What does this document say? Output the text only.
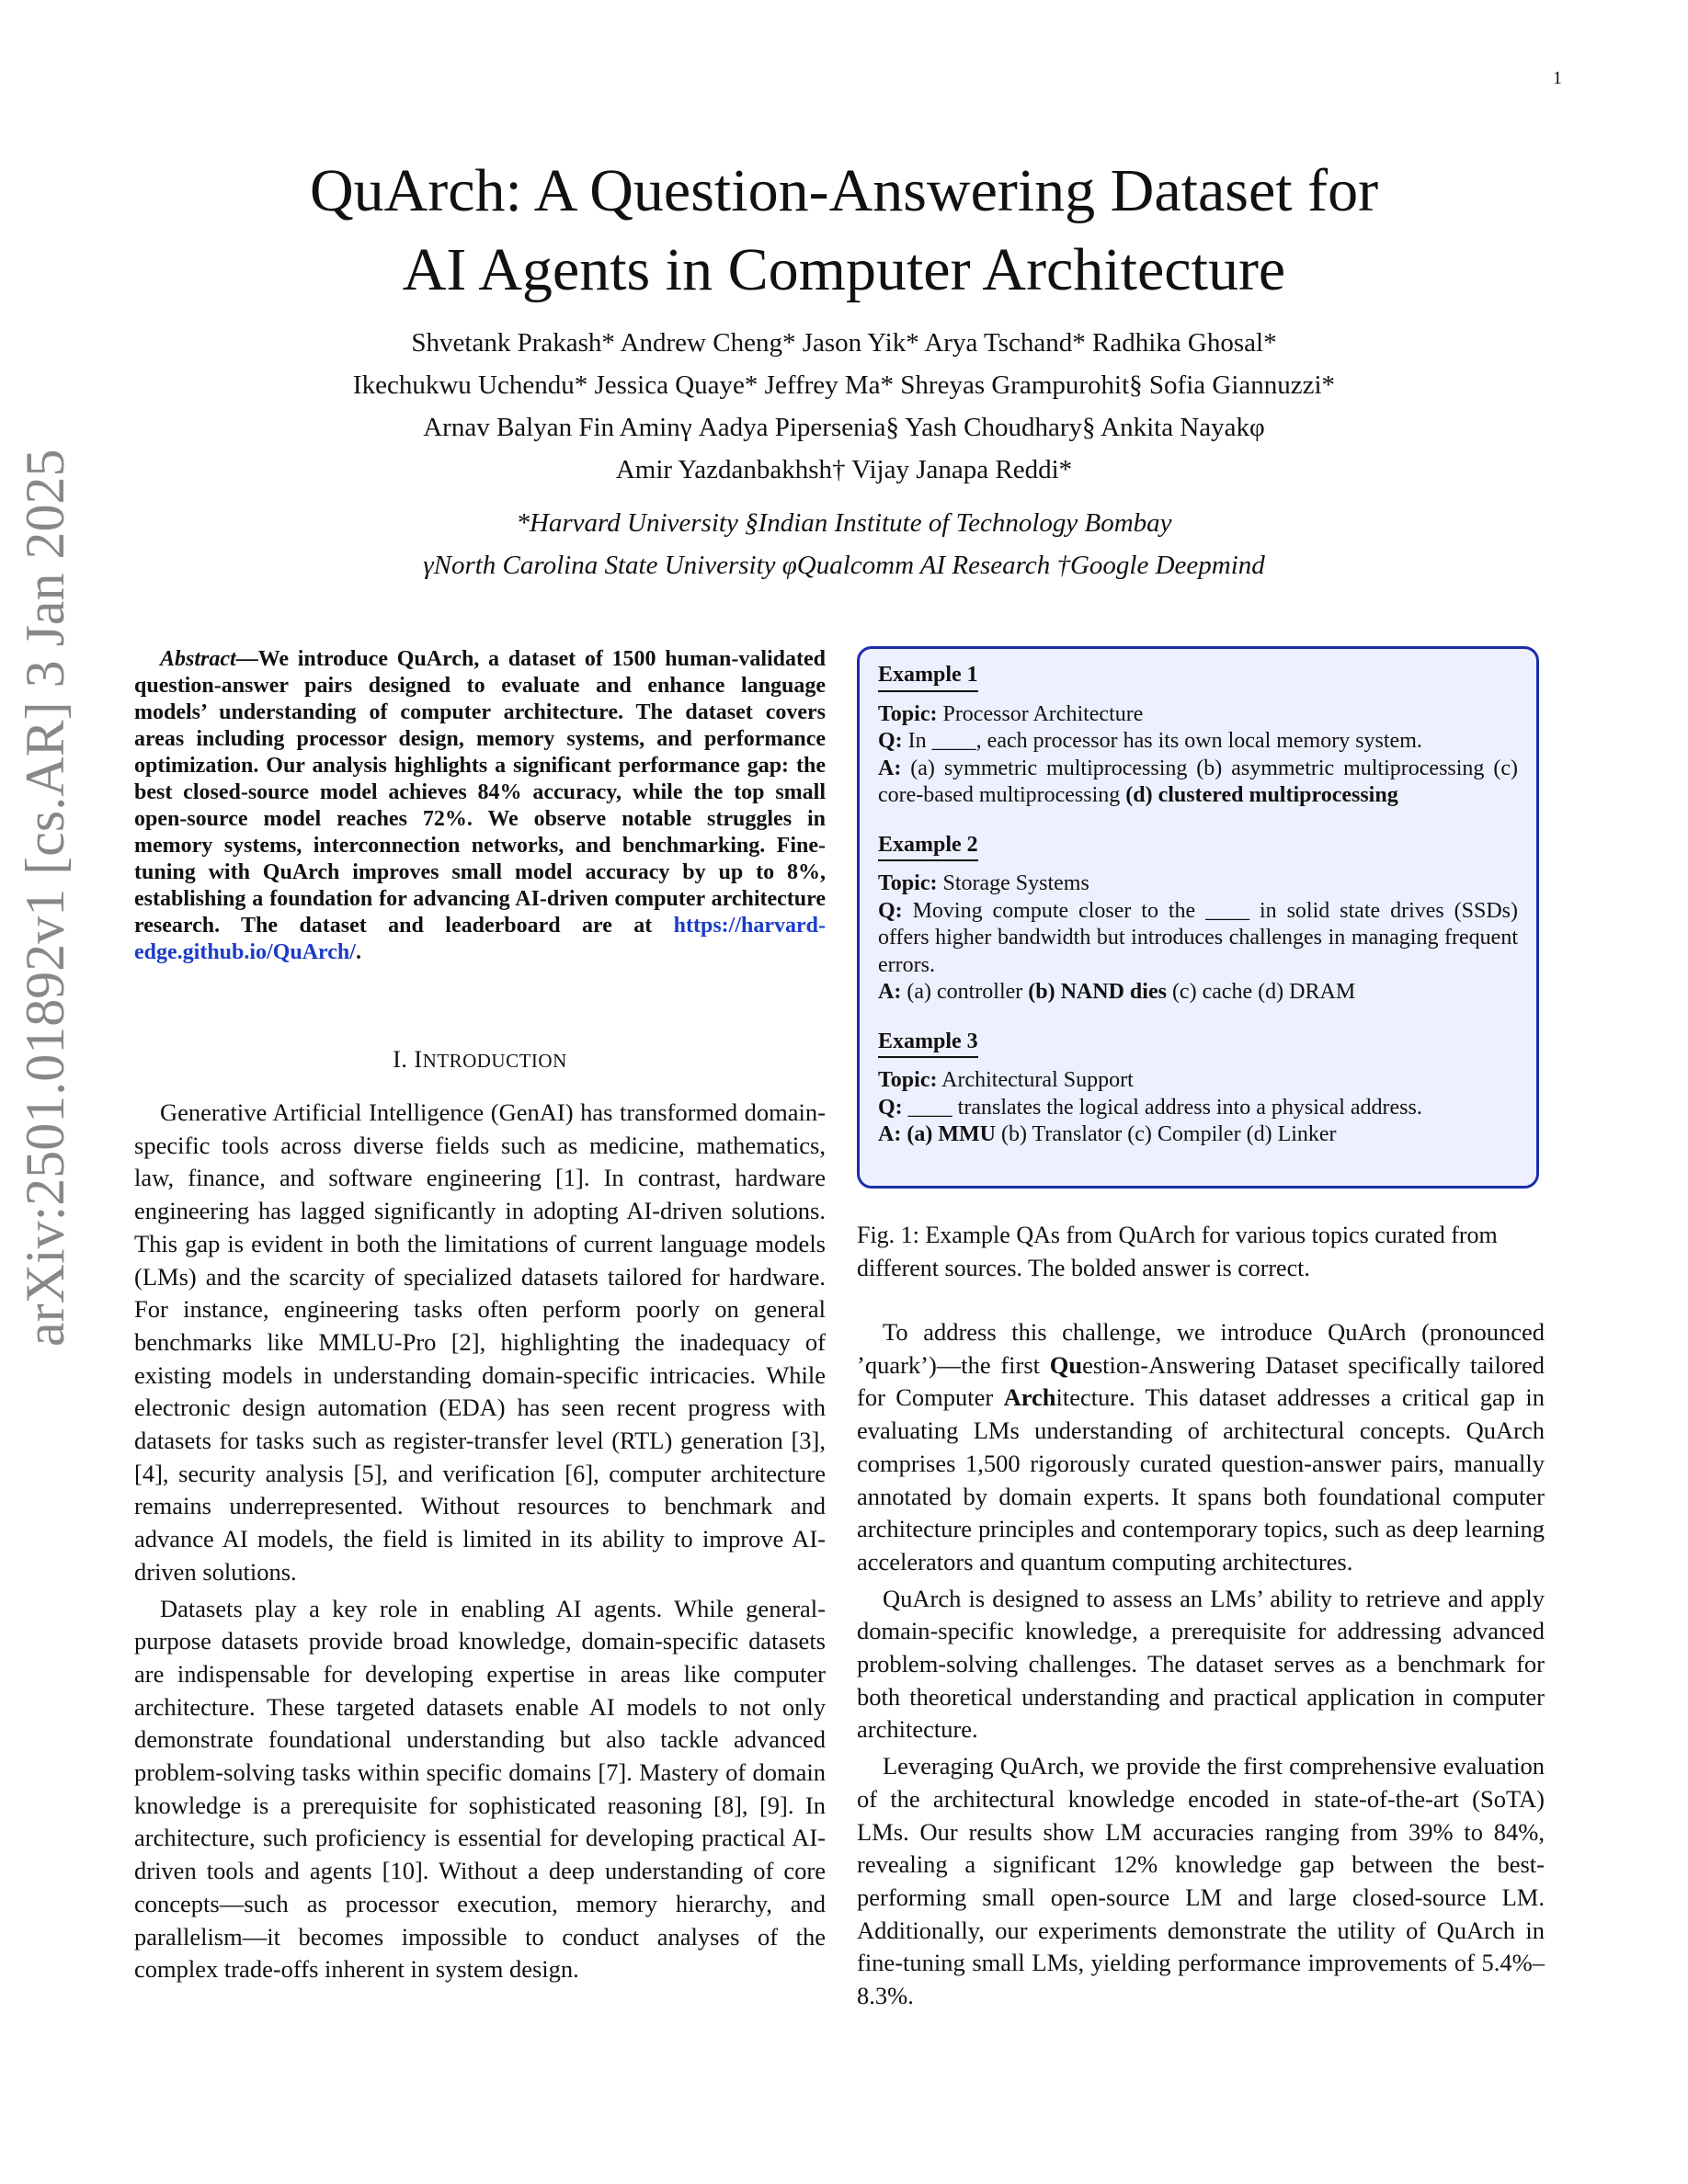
1
arXiv:2501.01892v1 [cs.AR] 3 Jan 2025
QuArch: A Question-Answering Dataset for
AI Agents in Computer Architecture
Shvetank Prakash* Andrew Cheng* Jason Yik* Arya Tschand* Radhika Ghosal*
Ikechukwu Uchendu* Jessica Quaye* Jeffrey Ma* Shreyas Grampurohit§ Sofia Giannuzzi*
Arnav Balyan Fin Aminγ Aadya Pipersenia§ Yash Choudhary§ Ankita Nayakφ
Amir Yazdanbakhsh† Vijay Janapa Reddi*
*Harvard University §Indian Institute of Technology Bombay
γNorth Carolina State University φQualcomm AI Research †Google Deepmind
Abstract—We introduce QuArch, a dataset of 1500 human-validated question-answer pairs designed to evaluate and enhance language models’ understanding of computer architecture. The dataset covers areas including processor design, memory systems, and performance optimization. Our analysis highlights a significant performance gap: the best closed-source model achieves 84% accuracy, while the top small open-source model reaches 72%. We observe notable struggles in memory systems, interconnection networks, and benchmarking. Fine-tuning with QuArch improves small model accuracy by up to 8%, establishing a foundation for advancing AI-driven computer architecture research. The dataset and leaderboard are at https://harvard-edge.github.io/QuArch/.
I. INTRODUCTION

Generative Artificial Intelligence (GenAI) has transformed domain-specific tools across diverse fields such as medicine, mathematics, law, finance, and software engineering [1]. In contrast, hardware engineering has lagged significantly in adopting AI-driven solutions. This gap is evident in both the limitations of current language models (LMs) and the scarcity of specialized datasets tailored for hardware. For instance, engineering tasks often perform poorly on general benchmarks like MMLU-Pro [2], highlighting the inadequacy of existing models in understanding domain-specific intricacies. While electronic design automation (EDA) has seen recent progress with datasets for tasks such as register-transfer level (RTL) generation [3], [4], security analysis [5], and verification [6], computer architecture remains underrepresented. Without resources to benchmark and advance AI models, the field is limited in its ability to improve AI-driven solutions.

Datasets play a key role in enabling AI agents. While general-purpose datasets provide broad knowledge, domain-specific datasets are indispensable for developing expertise in areas like computer architecture. These targeted datasets enable AI models to not only demonstrate foundational understanding but also tackle advanced problem-solving tasks within specific domains [7]. Mastery of domain knowledge is a prerequisite for sophisticated reasoning [8], [9]. In architecture, such proficiency is essential for developing practical AI-driven tools and agents [10]. Without a deep understanding of core concepts—such as processor execution, memory hierarchy, and parallelism—it becomes impossible to conduct analyses of the complex trade-offs inherent in system design.

Example 1

Topic: Processor Architecture

Q: In ____, each processor has its own local memory system.

A: (a) symmetric multiprocessing (b) asymmetric multiprocessing (c) core-based multiprocessing (d) clustered multiprocessing

Example 2

Topic: Storage Systems

Q: Moving compute closer to the ____ in solid state drives (SSDs) offers higher bandwidth but introduces challenges in managing frequent errors.

A: (a) controller (b) NAND dies (c) cache (d) DRAM

Example 3

Topic: Architectural Support

Q: ____ translates the logical address into a physical address.

A: (a) MMU (b) Translator (c) Compiler (d) Linker

Fig. 1: Example QAs from QuArch for various topics curated from different sources. The bolded answer is correct.

To address this challenge, we introduce QuArch (pronounced ’quark’)—the first Question-Answering Dataset specifically tailored for Computer Architecture. This dataset addresses a critical gap in evaluating LMs understanding of architectural concepts. QuArch comprises 1,500 rigorously curated question-answer pairs, manually annotated by domain experts. It spans both foundational computer architecture principles and contemporary topics, such as deep learning accelerators and quantum computing architectures.

QuArch is designed to assess an LMs’ ability to retrieve and apply domain-specific knowledge, a prerequisite for addressing advanced problem-solving challenges. The dataset serves as a benchmark for both theoretical understanding and practical application in computer architecture.

Leveraging QuArch, we provide the first comprehensive evaluation of the architectural knowledge encoded in state-of-the-art (SoTA) LMs. Our results show LM accuracies ranging from 39% to 84%, revealing a significant 12% knowledge gap between the best-performing small open-source LM and large closed-source LM. Additionally, our experiments demonstrate the utility of QuArch in fine-tuning small LMs, yielding performance improvements of 5.4%–8.3%.
